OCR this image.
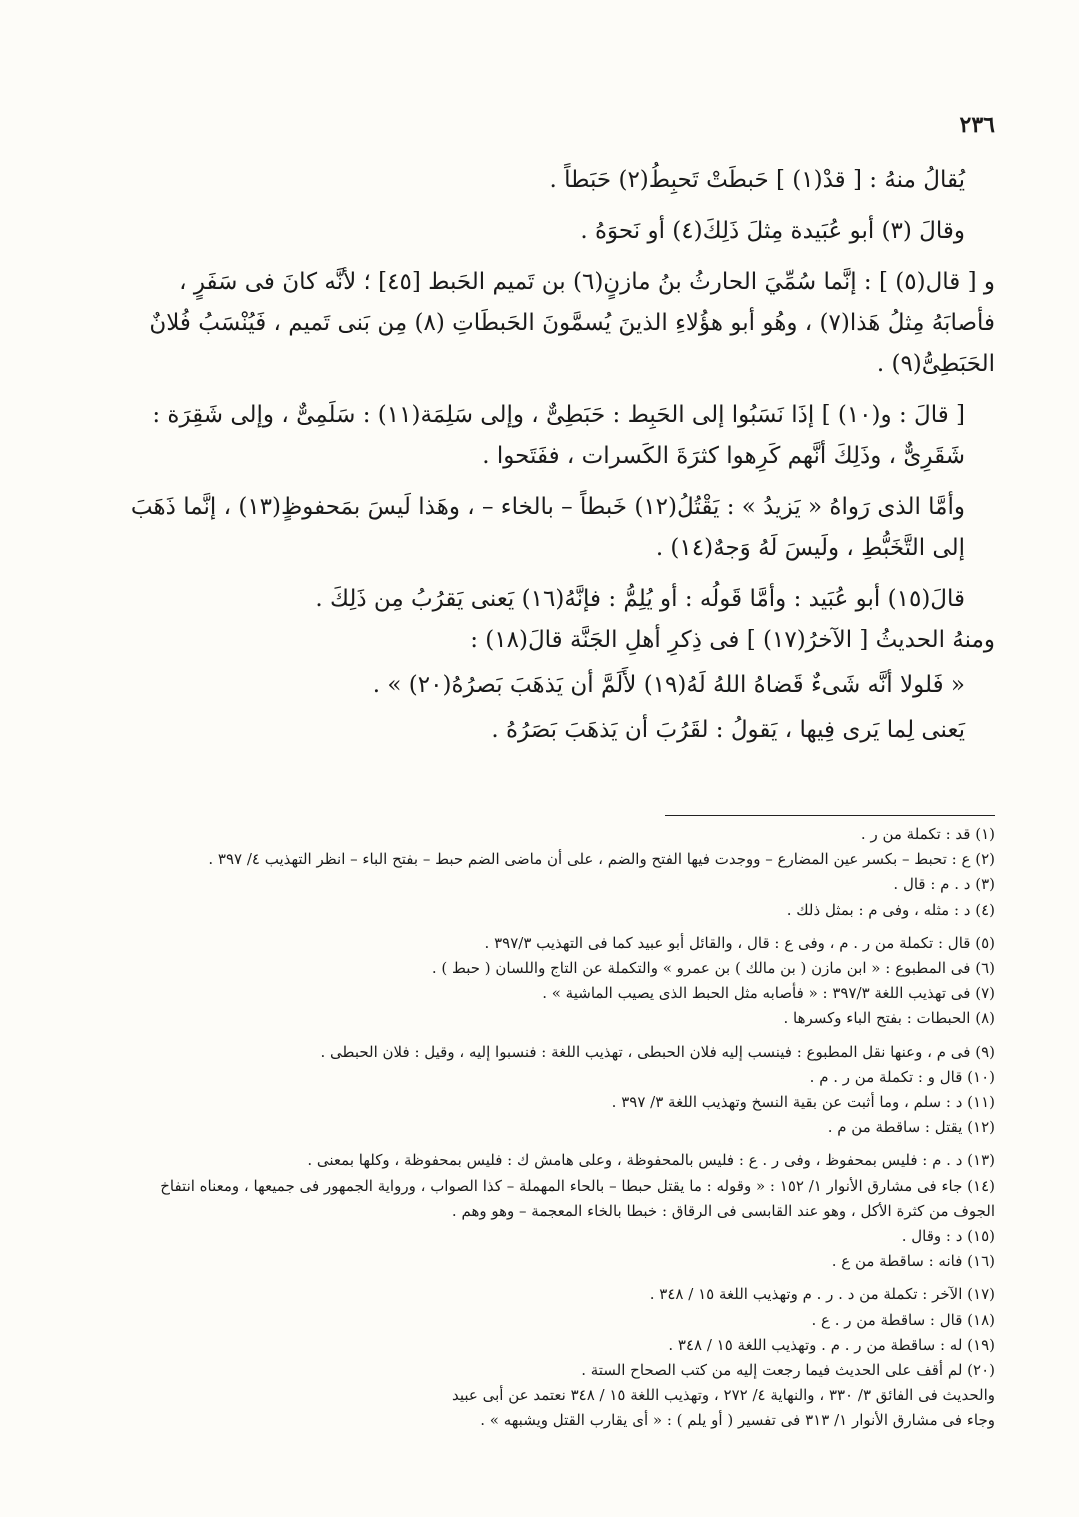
٢٣٦

يُقالُ منهُ : [ قدْ(١) ] حَبطَتْ تَحبِطُ(٢) حَبَطاً .

وقالَ (٣) أبو عُبَيدة مِثلَ ذَلِكَ(٤) أو نَحوَهُ .

و [ قال(٥) ] : إنَّما سُمِّيَ الحارثُ بنُ مازنٍ(٦) بن تَميم الحَبط [٤٥] ؛ لأنَّه كانَ فى سَفَرٍ ، فأصابَهُ مِثلُ هَذا(٧) ، وهُو أبو هؤُلاءِ الذينَ يُسمَّونَ الحَبطَاتِ (٨) مِن بَنى تَميم ، فَيُنْسَبُ فُلانٌ الحَبَطِىُّ(٩) .

[ قالَ : و(١٠) ] إذَا نَسَبُوا إلى الحَبِط : حَبَطِىٌّ ، وإلى سَلِمَة(١١) : سَلَمِىٌّ ، وإلى شَقِرَة : شَقَرِىٌّ ، وذَلِكَ أنَّهم كَرِهوا كثرَةَ الكَسرات ، ففَتَحوا .

وأمَّا الذى رَواهُ « يَزيدُ » : يَقْتُلُ(١٢) خَبطاً – بالخاء – ، وهَذا لَيسَ بمَحفوظٍ(١٣) ، إنَّما ذَهَبَ إلى التَّخَبُّطِ ، ولَيسَ لَهُ وَجهٌ(١٤) .

قالَ(١٥) أبو عُبَيد : وأمَّا قَولُه : أو يُلِمُّ : فإنَّهُ(١٦) يَعنى يَقرُبُ مِن ذَلِكَ .

ومنهُ الحديثُ [ الآخرُ(١٧) ] فى ذِكرِ أهلِ الجَنَّة قالَ(١٨) :

« فَلولا أنَّه شَىءٌ قَضاهُ اللهُ لَهُ(١٩) لأَلَمَّ أن يَذهَبَ بَصرُهُ(٢٠) » .

يَعنى لِما يَرى فِيها ، يَقولُ : لقَرُبَ أن يَذهَبَ بَصَرُهُ .

(١) قد : تكملة من ر .
(٢) ع : تحبط – بكسر عين المضارع – ووجدت فيها الفتح والضم ، على أن ماضى الضم حبط – بفتح الباء – انظر التهذيب ٤/ ٣٩٧ .
(٣) د . م : قال .
(٤) د : مثله ، وفى م : بمثل ذلك .
(٥) قال : تكملة من ر . م ، وفى ع : قال ، والقائل أبو عبيد كما فى التهذيب ٣٩٧/٣ .
(٦) فى المطبوع : « ابن مازن ( بن مالك ) بن عمرو » والتكملة عن التاج واللسان ( حبط ) .
(٧) فى تهذيب اللغة ٣٩٧/٣ : « فأصابه مثل الحبط الذى يصيب الماشية » .
(٨) الحبطات : بفتح الباء وكسرها .
(٩) فى م ، وعنها نقل المطبوع : فينسب إليه فلان الحبطى ، تهذيب اللغة : فنسبوا إليه ، وقيل : فلان الحبطى .
(١٠) قال و : تكملة من ر . م .
(١١) د : سلم ، وما أثبت عن بقية النسخ وتهذيب اللغة ٣/ ٣٩٧ .
(١٢) يقتل : ساقطة من م .
(١٣) د . م : فليس بمحفوظ ، وفى ر . ع : فليس بالمحفوظة ، وعلى هامش ك : فليس بمحفوظة ، وكلها بمعنى .
(١٤) جاء فى مشارق الأنوار ١/ ١٥٢ : « وقوله : ما يقتل حبطا – بالحاء المهملة – كذا الصواب ، ورواية الجمهور فى جميعها ، ومعناه انتفاخ الجوف من كثرة الأكل ، وهو عند القابسى فى الرقاق : خبطا بالخاء المعجمة – وهو وهم .
(١٥) د : وقال .
(١٦) فانه : ساقطة من ع .
(١٧) الآخر : تكملة من د . ر . م وتهذيب اللغة ١٥ / ٣٤٨ .
(١٨) قال : ساقطة من ر . ع .
(١٩) له : ساقطة من ر . م . وتهذيب اللغة ١٥ / ٣٤٨ .
(٢٠) لم أقف على الحديث فيما رجعت إليه من كتب الصحاح الستة .
والحديث فى الفائق ٣/ ٣٣٠ ، والنهاية ٤/ ٢٧٢ ، وتهذيب اللغة ١٥ / ٣٤٨ نعتمد عن أبى عبيد
وجاء فى مشارق الأنوار ١/ ٣١٣ فى تفسير ( أو يلم ) : « أى يقارب القتل ويشبهه » .
